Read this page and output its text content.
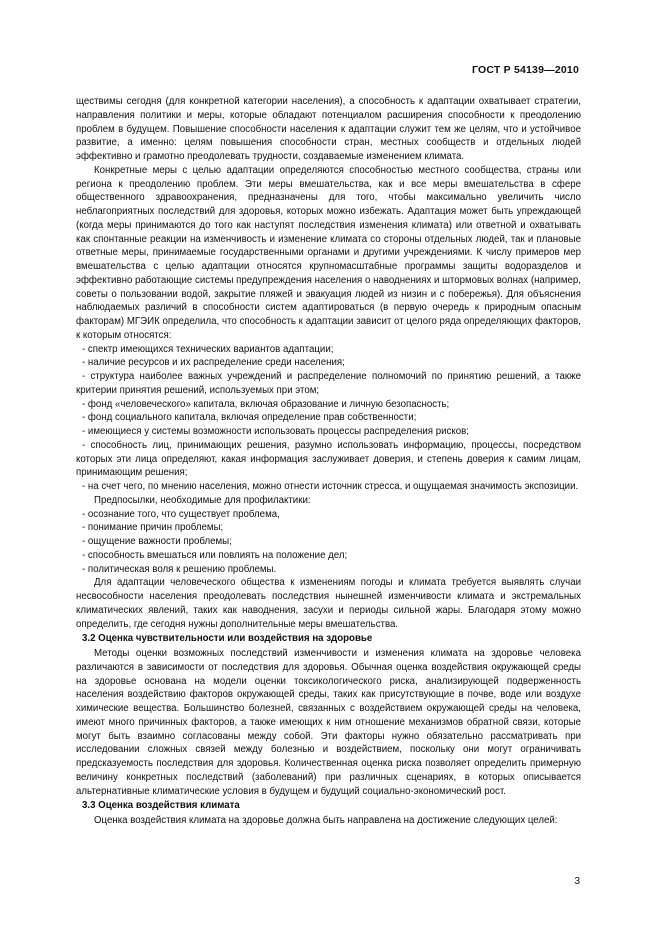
ГОСТ Р 54139—2010

ществимы сегодня (для конкретной категории населения), а способность к адаптации охватывает стратегии, направления политики и меры, которые обладают потенциалом расширения способности к преодолению проблем в будущем. Повышение способности населения к адаптации служит тем же целям, что и устойчивое развитие, а именно: целям повышения способности стран, местных сообществ и отдельных людей эффективно и грамотно преодолевать трудности, создаваемые изменением климата.

Конкретные меры с целью адаптации определяются способностью местного сообщества, страны или региона к преодолению проблем. Эти меры вмешательства, как и все меры вмешательства в сфере общественного здравоохранения, предназначены для того, чтобы максимально увеличить число неблагоприятных последствий для здоровья, которых можно избежать. Адаптация может быть упреждающей (когда меры принимаются до того как наступят последствия изменения климата) или ответной и охватывать как спонтанные реакции на изменчивость и изменение климата со стороны отдельных людей, так и плановые ответные меры, принимаемые государственными органами и другими учреждениями. К числу примеров мер вмешательства с целью адаптации относятся крупномасштабные программы защиты водоразделов и эффективно работающие системы предупреждения населения о наводнениях и штормовых волнах (например, советы о пользовании водой, закрытие пляжей и эвакуация людей из низин и с побережья). Для объяснения наблюдаемых различий в способности систем адаптироваться (в первую очередь к природным опасным факторам) МГЭИК определила, что способность к адаптации зависит от целого ряда определяющих факторов, к которым относятся:

- спектр имеющихся технических вариантов адаптации;

- наличие ресурсов и их распределение среди населения;

- структура наиболее важных учреждений и распределение полномочий по принятию решений, а также критерии принятия решений, используемых при этом;

- фонд «человеческого» капитала, включая образование и личную безопасность;

- фонд социального капитала, включая определение прав собственности;

- имеющиеся у системы возможности использовать процессы распределения рисков;

- способность лиц, принимающих решения, разумно использовать информацию, процессы, посредством которых эти лица определяют, какая информация заслуживает доверия, и степень доверия к самим лицам, принимающим решения;

- на счет чего, по мнению населения, можно отнести источник стресса, и ощущаемая значимость экспозиции.

Предпосылки, необходимые для профилактики:

- осознание того, что существует проблема,

- понимание причин проблемы;

- ощущение важности проблемы;

- способность вмешаться или повлиять на положение дел;

- политическая воля к решению проблемы.

Для адаптации человеческого общества к изменениям погоды и климата требуется выявлять случаи несвособности населения преодолевать последствия нынешней изменчивости климата и экстремальных климатических явлений, таких как наводнения, засухи и периоды сильной жары. Благодаря этому можно определить, где сегодня нужны дополнительные меры вмешательства.

3.2 Оценка чувствительности или воздействия на здоровье

Методы оценки возможных последствий изменчивости и изменения климата на здоровье человека различаются в зависимости от последствия для здоровья. Обычная оценка воздействия окружающей среды на здоровье основана на модели оценки токсикологического риска, анализирующей подверженность населения воздействию факторов окружающей среды, таких как присутствующие в почве, воде или воздухе химические вещества. Большинство болезней, связанных с воздействием окружающей среды на человека, имеют много причинных факторов, а также имеющих к ним отношение механизмов обратной связи, которые могут быть взаимно согласованы между собой. Эти факторы нужно обязательно рассматривать при исследовании сложных связей между болезнью и воздействием, поскольку они могут ограничивать предсказуемость последствия для здоровья. Количественная оценка риска позволяет определить примерную величину конкретных последствий (заболеваний) при различных сценариях, в которых описывается альтернативные климатические условия в будущем и будущий социально-экономический рост.

3.3 Оценка воздействия климата

Оценка воздействия климата на здоровье должна быть направлена на достижение следующих целей:

3
